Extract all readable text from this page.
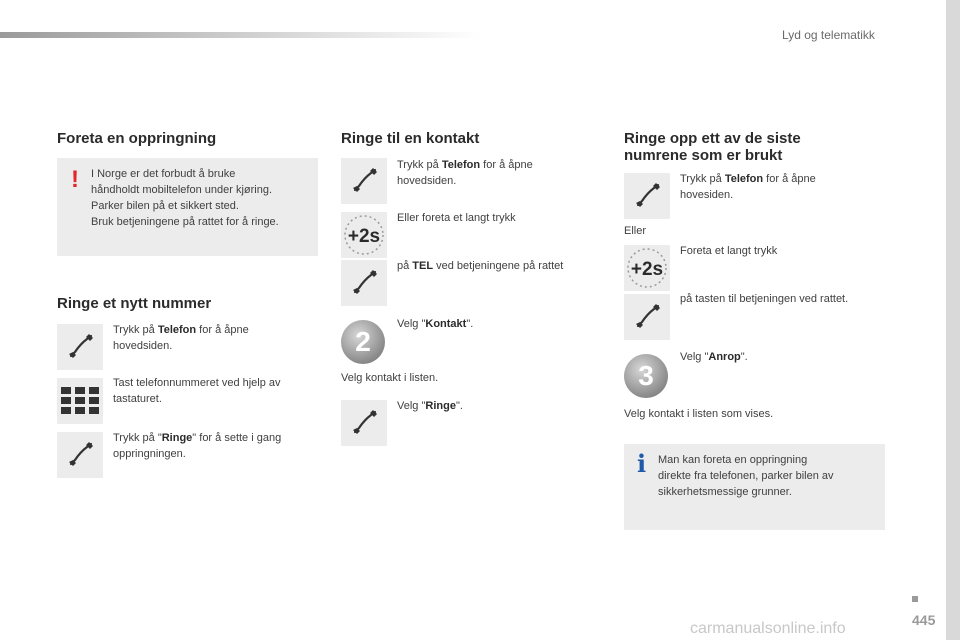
Lyd og telematikk
Foreta en oppringning
! I Norge er det forbudt å bruke
håndholdt mobiltelefon under kjøring.
Parker bilen på et sikkert sted.
Bruk betjeningene på rattet for å ringe.
Ringe et nytt nummer
Trykk på Telefon for å åpne
hovedsiden.
Tast telefonnummeret ved hjelp av
tastaturet.
Trykk på "Ringe" for å sette i gang
oppringningen.
Ringe til en kontakt
Trykk på Telefon for å åpne
hovedsiden.
+2s
Eller foreta et langt trykk
på TEL ved betjeningene på rattet
2
Velg "Kontakt".
Velg kontakt i listen.
Velg "Ringe".
Ringe opp ett av de siste
numrene som er brukt
Trykk på Telefon for å åpne
hovesiden.
Eller
+2s
Foreta et langt trykk
på tasten til betjeningen ved rattet.
3
Velg "Anrop".
Velg kontakt i listen som vises.
i Man kan foreta en oppringning
direkte fra telefonen, parker bilen av
sikkerhetsmessige grunner.
445
carmanualsonline.info
